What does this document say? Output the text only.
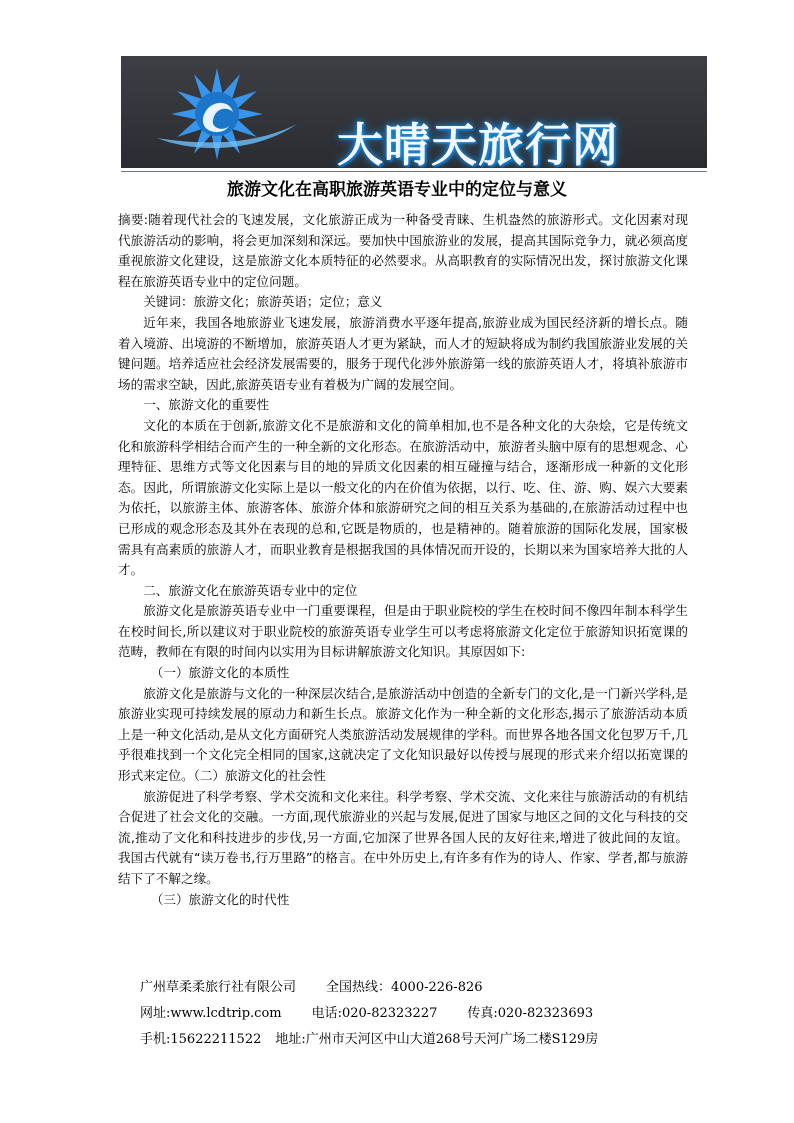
大晴天旅行网
旅游文化在高职旅游英语专业中的定位与意义

摘要:随着现代社会的飞速发展，文化旅游正成为一种备受青睐、生机盎然的旅游形式。文化因素对现代旅游活动的影响，将会更加深刻和深远。要加快中国旅游业的发展，提高其国际竞争力，就必须高度重视旅游文化建设，这是旅游文化本质特征的必然要求。从高职教育的实际情况出发，探讨旅游文化课程在旅游英语专业中的定位问题。

关键词：旅游文化；旅游英语；定位；意义

近年来，我国各地旅游业飞速发展，旅游消费水平逐年提高,旅游业成为国民经济新的增长点。随着入境游、出境游的不断增加，旅游英语人才更为紧缺，而人才的短缺将成为制约我国旅游业发展的关键问题。培养适应社会经济发展需要的，服务于现代化涉外旅游第一线的旅游英语人才，将填补旅游市场的需求空缺，因此,旅游英语专业有着极为广阔的发展空间。

一、旅游文化的重要性

文化的本质在于创新,旅游文化不是旅游和文化的简单相加,也不是各种文化的大杂烩，它是传统文化和旅游科学相结合而产生的一种全新的文化形态。在旅游活动中，旅游者头脑中原有的思想观念、心理特征、思维方式等文化因素与目的地的异质文化因素的相互碰撞与结合，逐渐形成一种新的文化形态。因此，所谓旅游文化实际上是以一般文化的内在价值为依据，以行、吃、住、游、购、娱六大要素为依托，以旅游主体、旅游客体、旅游介体和旅游研究之间的相互关系为基础的,在旅游活动过程中也已形成的观念形态及其外在表现的总和,它既是物质的，也是精神的。随着旅游的国际化发展，国家极需具有高素质的旅游人才，而职业教育是根据我国的具体情况而开设的，长期以来为国家培养大批的人才。

二、旅游文化在旅游英语专业中的定位

旅游文化是旅游英语专业中一门重要课程，但是由于职业院校的学生在校时间不像四年制本科学生在校时间长,所以建议对于职业院校的旅游英语专业学生可以考虑将旅游文化定位于旅游知识拓宽课的范畴，教师在有限的时间内以实用为目标讲解旅游文化知识。其原因如下:

（一）旅游文化的本质性

旅游文化是旅游与文化的一种深层次结合,是旅游活动中创造的全新专门的文化,是一门新兴学科,是旅游业实现可持续发展的原动力和新生长点。旅游文化作为一种全新的文化形态,揭示了旅游活动本质上是一种文化活动,是从文化方面研究人类旅游活动发展规律的学科。而世界各地各国文化包罗万千,几乎很难找到一个文化完全相同的国家,这就决定了文化知识最好以传授与展现的形式来介绍以拓宽课的形式来定位。（二）旅游文化的社会性

旅游促进了科学考察、学术交流和文化来往。科学考察、学术交流、文化来往与旅游活动的有机结合促进了社会文化的交融。一方面,现代旅游业的兴起与发展,促进了国家与地区之间的文化与科技的交流,推动了文化和科技进步的步伐,另一方面,它加深了世界各国人民的友好往来,增进了彼此间的友谊。我国古代就有“读万卷书,行万里路”的格言。在中外历史上,有许多有作为的诗人、作家、学者,都与旅游结下了不解之缘。

（三）旅游文化的时代性

广州草柔柔旅行社有限公司 全国热线：4000-226-826
网址:www.lcdtrip.com 电话:020-82323227 传真:020-82323693
手机:15622211522 地址:广州市天河区中山大道268号天河广场二楼S129房
